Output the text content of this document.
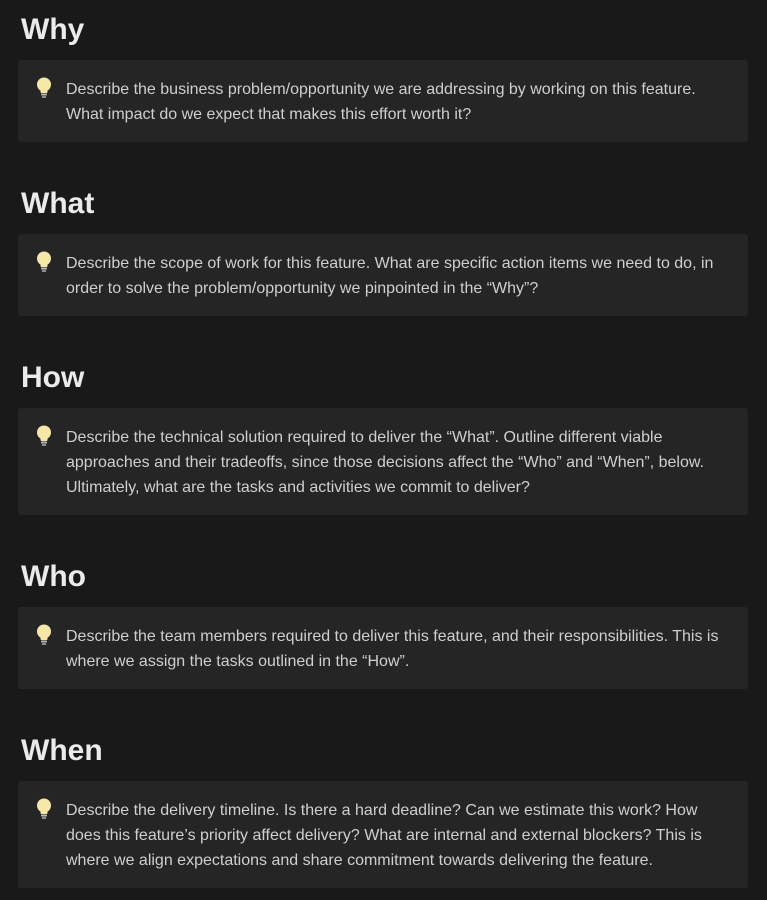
Why

Describe the business problem/opportunity we are addressing by working on this feature. What impact do we expect that makes this effort worth it?

What

Describe the scope of work for this feature. What are specific action items we need to do, in order to solve the problem/opportunity we pinpointed in the “Why”?

How

Describe the technical solution required to deliver the “What”. Outline different viable approaches and their tradeoffs, since those decisions affect the “Who” and “When”, below. Ultimately, what are the tasks and activities we commit to deliver?

Who

Describe the team members required to deliver this feature, and their responsibilities. This is where we assign the tasks outlined in the “How”.

When

Describe the delivery timeline. Is there a hard deadline? Can we estimate this work? How does this feature’s priority affect delivery? What are internal and external blockers? This is where we align expectations and share commitment towards delivering the feature.
